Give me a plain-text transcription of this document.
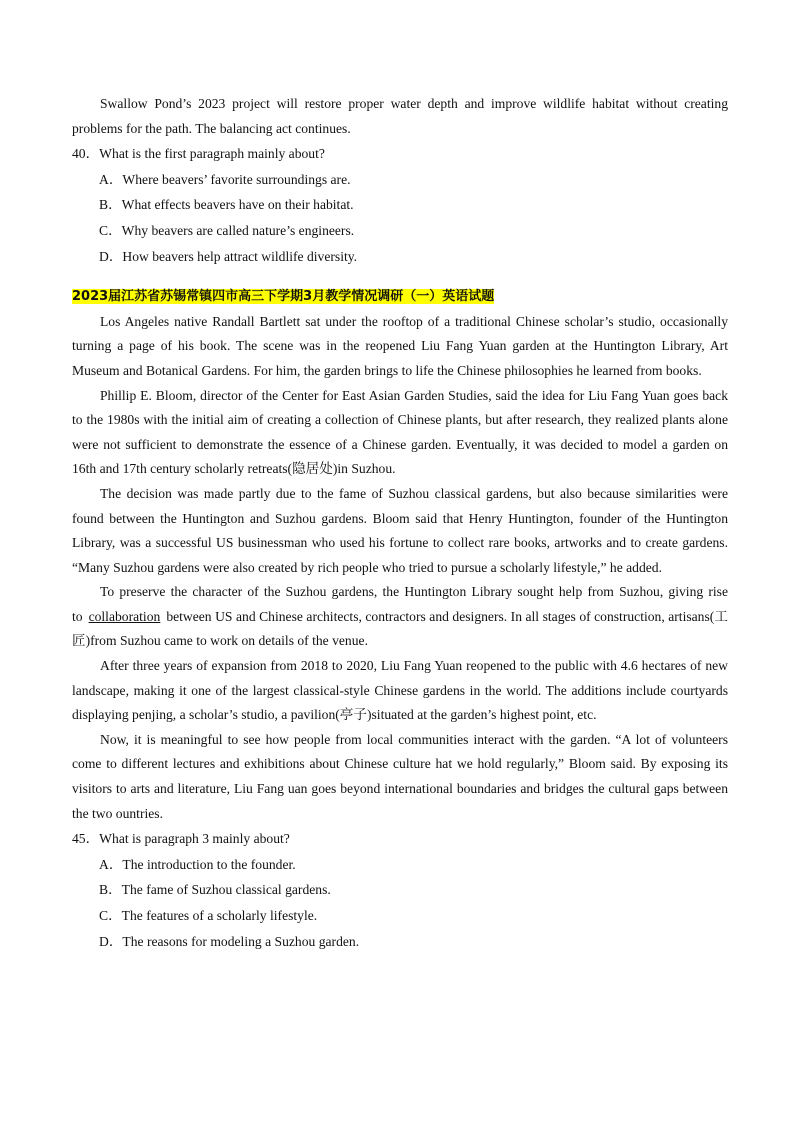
Swallow Pond’s 2023 project will restore proper water depth and improve wildlife habitat without creating problems for the path. The balancing act continues.

40．What is the first paragraph mainly about?

A．Where beavers’ favorite surroundings are.

B．What effects beavers have on their habitat.

C．Why beavers are called nature’s engineers.

D．How beavers help attract wildlife diversity.

2023届江苏省苏锡常镇四市高三下学期3月教学情况调研（一）英语试题

Los Angeles native Randall Bartlett sat under the rooftop of a traditional Chinese scholar’s studio, occasionally turning a page of his book. The scene was in the reopened Liu Fang Yuan garden at the Huntington Library, Art Museum and Botanical Gardens. For him, the garden brings to life the Chinese philosophies he learned from books.

Phillip E. Bloom, director of the Center for East Asian Garden Studies, said the idea for Liu Fang Yuan goes back to the 1980s with the initial aim of creating a collection of Chinese plants, but after research, they realized plants alone were not sufficient to demonstrate the essence of a Chinese garden. Eventually, it was decided to model a garden on 16th and 17th century scholarly retreats(隐居处)in Suzhou.

The decision was made partly due to the fame of Suzhou classical gardens, but also because similarities were found between the Huntington and Suzhou gardens. Bloom said that Henry Huntington, founder of the Huntington Library, was a successful US businessman who used his fortune to collect rare books, artworks and to create gardens. “Many Suzhou gardens were also created by rich people who tried to pursue a scholarly lifestyle,” he added.

To preserve the character of the Suzhou gardens, the Huntington Library sought help from Suzhou, giving rise to collaboration between US and Chinese architects, contractors and designers. In all stages of construction, artisans(工匠)from Suzhou came to work on details of the venue.

After three years of expansion from 2018 to 2020, Liu Fang Yuan reopened to the public with 4.6 hectares of new landscape, making it one of the largest classical-style Chinese gardens in the world. The additions include courtyards displaying penjing, a scholar’s studio, a pavilion(亭子)situated at the garden’s highest point, etc.

Now, it is meaningful to see how people from local communities interact with the garden. “A lot of volunteers come to different lectures and exhibitions about Chinese culture hat we hold regularly,” Bloom said. By exposing its visitors to arts and literature, Liu Fang uan goes beyond international boundaries and bridges the cultural gaps between the two ountries.

45．What is paragraph 3 mainly about?

A．The introduction to the founder.

B．The fame of Suzhou classical gardens.

C．The features of a scholarly lifestyle.

D．The reasons for modeling a Suzhou garden.
